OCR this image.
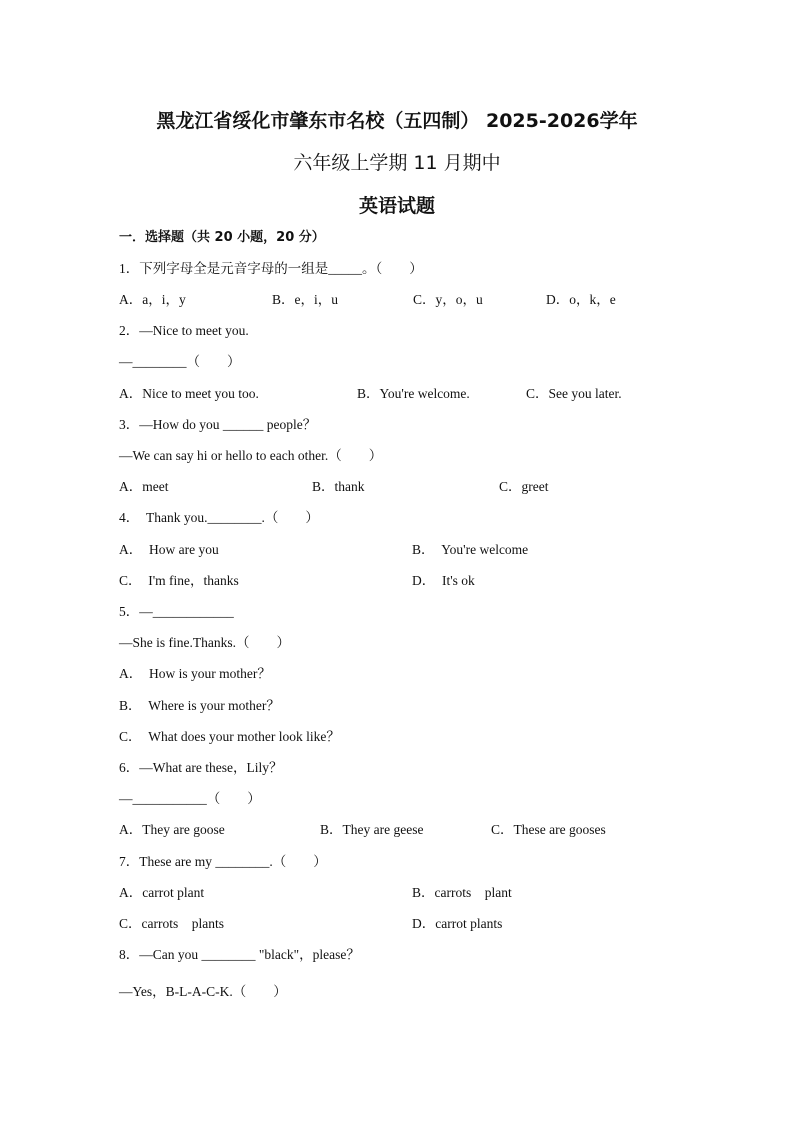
黑龙江省绥化市肇东市名校（五四制） 2025-2026学年
六年级上学期 11 月期中
英语试题
一．选择题（共 20 小题，20 分）
1．下列字母全是元音字母的一组是_____。（　　）
A．a，i，y	B．e，i，u	C．y，o，u	D．o，k，e
2．—Nice to meet you.
—________（　　）
A．Nice to meet you too.	B．You're welcome.	C．See you later.
3．—How do you ______ people？
—We can say hi or hello to each other.（　　）
A．meet	B．thank	C．greet
4．　Thank you.________.（　　）
A．　How are you	B．　You're welcome
C．　I'm fine，thanks	D．　It's ok
5．—____________
—She is fine.Thanks.（　　）
A．　How is your mother？
B．　Where is your mother？
C．　What does your mother look like？
6．—What are these，Lily？
—___________（　　）
A．They are goose	B．They are geese	C．These are gooses
7．These are my ________.（　　）
A．carrot plant	B．carrots　plant
C．carrots　plants	D．carrot plants
8．—Can you ________ "black"，please？
—Yes，B-L-A-C-K.（　　）
